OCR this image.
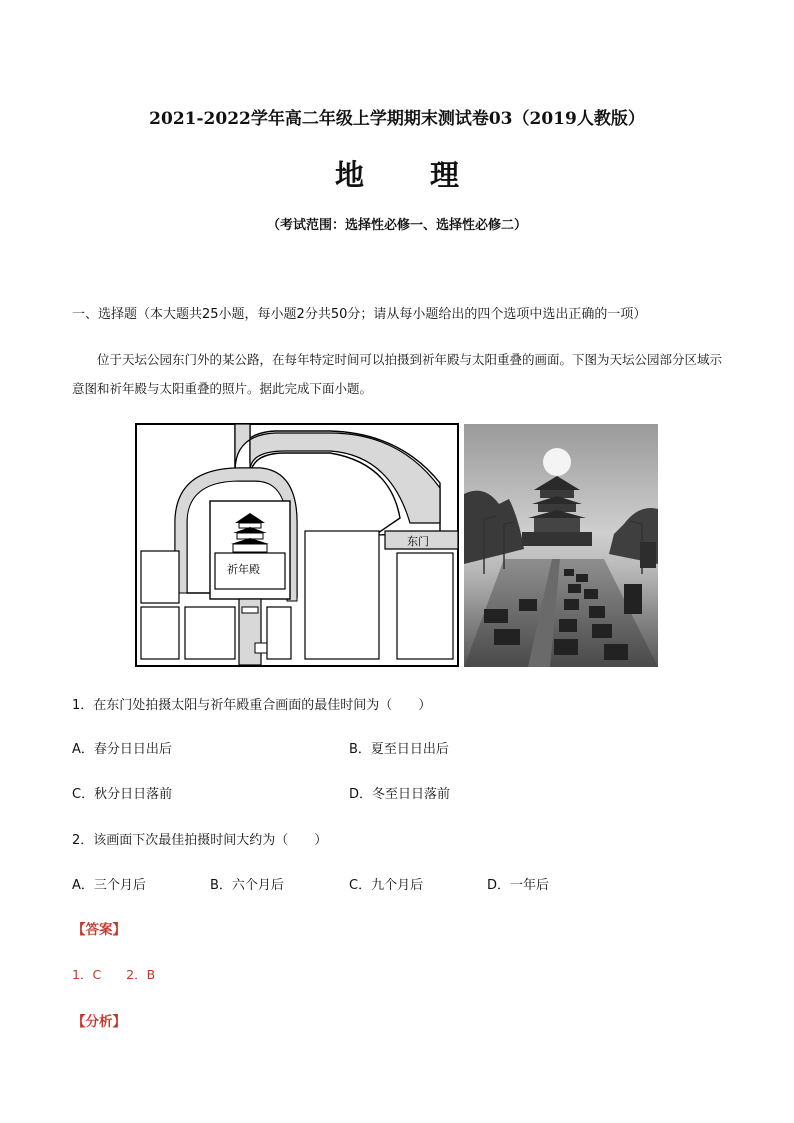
2021-2022学年高二年级上学期期末测试卷03（2019人教版）
地 理
（考试范围：选择性必修一、选择性必修二）
一、选择题（本大题共25小题，每小题2分共50分；请从每小题给出的四个选项中选出正确的一项）
位于天坛公园东门外的某公路，在每年特定时间可以拍摄到祈年殿与太阳重叠的画面。下图为天坛公园部分区域示意图和祈年殿与太阳重叠的照片。据此完成下面小题。
祈年殿
东门
1．在东门处拍摄太阳与祈年殿重合画面的最佳时间为（　　）
A．春分日日出后	B．夏至日日出后
C．秋分日日落前	D．冬至日日落前
2．该画面下次最佳拍摄时间大约为（　　）
A．三个月后	B．六个月后	C．九个月后	D．一年后
【答案】
1．C　　2．B
【分析】
